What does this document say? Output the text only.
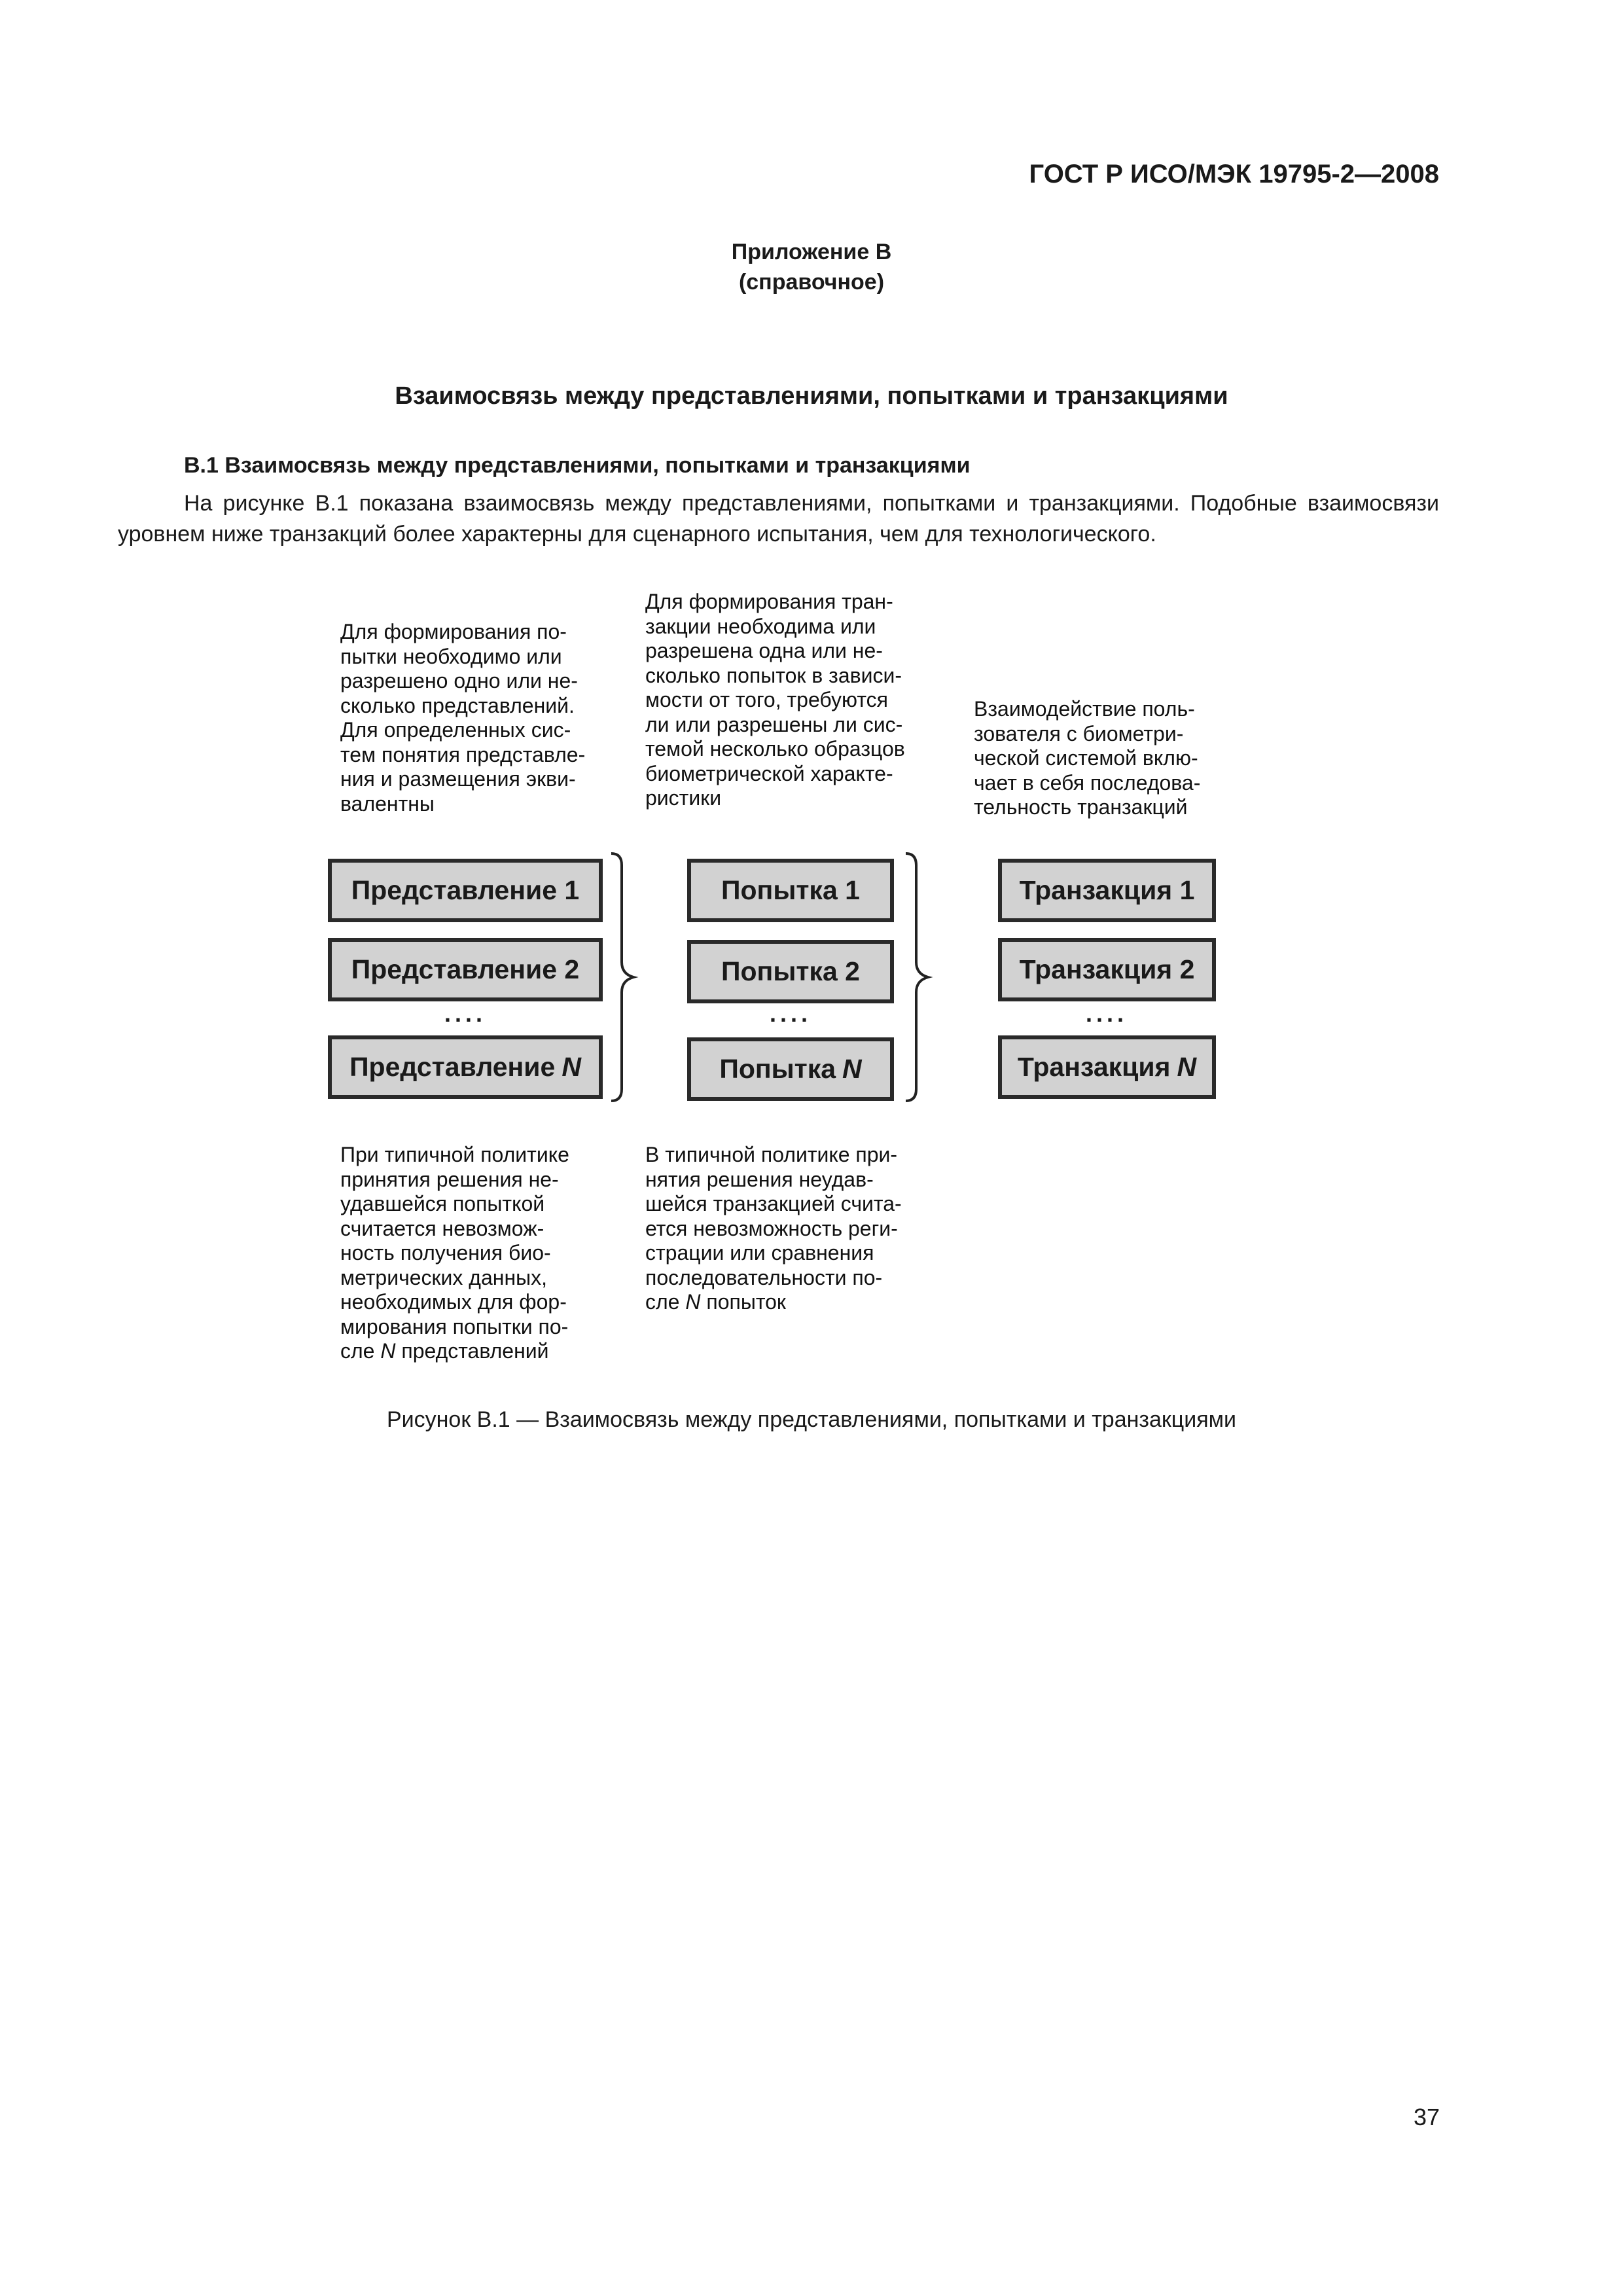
ГОСТ Р ИСО/МЭК 19795-2—2008
Приложение В
(справочное)
Взаимосвязь между представлениями, попытками и транзакциями
В.1 Взаимосвязь между представлениями, попытками и транзакциями
На рисунке В.1 показана взаимосвязь между представлениями, попытками и транзакциями. Подобные взаимосвязи уровнем ниже транзакций более характерны для сценарного испытания, чем для технологического.
Для формирования по-
пытки необходимо или
разрешено одно или не-
сколько представлений.
Для определенных сис-
тем понятия представле-
ния и размещения экви-
валентны
Для формирования тран-
закции необходима или
разрешена одна или не-
сколько попыток в зависи-
мости от того, требуются
ли или разрешены ли сис-
темой несколько образцов
биометрической характе-
ристики
Взаимодействие поль-
зователя с биометри-
ческой системой вклю-
чает в себя последова-
тельность транзакций
Представление 1
Представление 2
....
Представление N
Попытка 1
Попытка 2
....
Попытка N
Транзакция 1
Транзакция 2
....
Транзакция N
При типичной политике
принятия решения не-
удавшейся попыткой
считается невозмож-
ность получения био-
метрических данных,
необходимых для фор-
мирования попытки по-
сле N представлений
В типичной политике при-
нятия решения неудав-
шейся транзакцией счита-
ется невозможность реги-
страции или сравнения
последовательности по-
сле N попыток
Рисунок В.1 — Взаимосвязь между представлениями, попытками и транзакциями
37
